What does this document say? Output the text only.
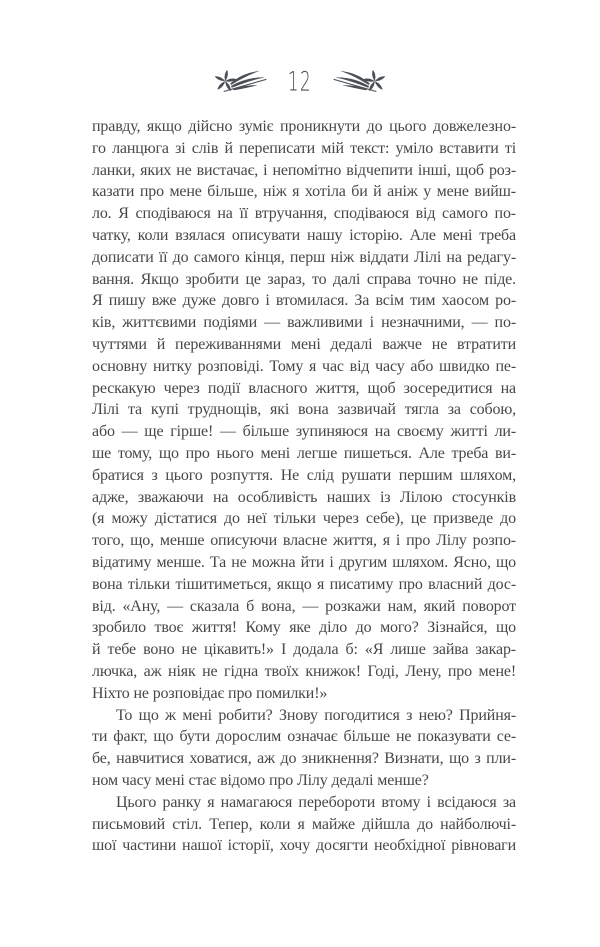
12
правду, якщо дійсно зуміє проникнути до цього довжелезно-
го ланцюга зі слів й переписати мій текст: уміло вставити ті
ланки, яких не вистачає, і непомітно відчепити інші, щоб роз-
казати про мене більше, ніж я хотіла би й аніж у мене вийш-
ло. Я сподіваюся на її втручання, сподіваюся від самого по-
чатку, коли взялася описувати нашу історію. Але мені треба
дописати її до самого кінця, перш ніж віддати Лілі на редагу-
вання. Якщо зробити це зараз, то далі справа точно не піде.
Я пишу вже дуже довго і втомилася. За всім тим хаосом ро-
ків, життєвими подіями — важливими і незначними, — по-
чуттями й переживаннями мені дедалі важче не втратити
основну нитку розповіді. Тому я час від часу або швидко пе-
рескакую через події власного життя, щоб зосередитися на
Лілі та купі труднощів, які вона зазвичай тягла за собою,
або — ще гірше! — більше зупиняюся на своєму житті ли-
ше тому, що про нього мені легше пишеться. Але треба ви-
братися з цього розпуття. Не слід рушати першим шляхом,
адже, зважаючи на особливість наших із Лілою стосунків
(я можу дістатися до неї тільки через себе), це призведе до
того, що, менше описуючи власне життя, я і про Лілу розпо-
відатиму менше. Та не можна йти і другим шляхом. Ясно, що
вона тільки тішитиметься, якщо я писатиму про власний дос-
від. «Ану, — сказала б вона, — розкажи нам, який поворот
зробило твоє життя! Кому яке діло до мого? Зізнайся, що
й тебе воно не цікавить!» І додала б: «Я лише зайва закар-
лючка, аж ніяк не гідна твоїх книжок! Годі, Лену, про мене!
Ніхто не розповідає про помилки!»
То що ж мені робити? Знову погодитися з нею? Прийня-
ти факт, що бути дорослим означає більше не показувати се-
бе, навчитися ховатися, аж до зникнення? Визнати, що з пли-
ном часу мені стає відомо про Лілу дедалі менше?
Цього ранку я намагаюся перебороти втому і всідаюся за
письмовий стіл. Тепер, коли я майже дійшла до найболючі-
шої частини нашої історії, хочу досягти необхідної рівноваги
